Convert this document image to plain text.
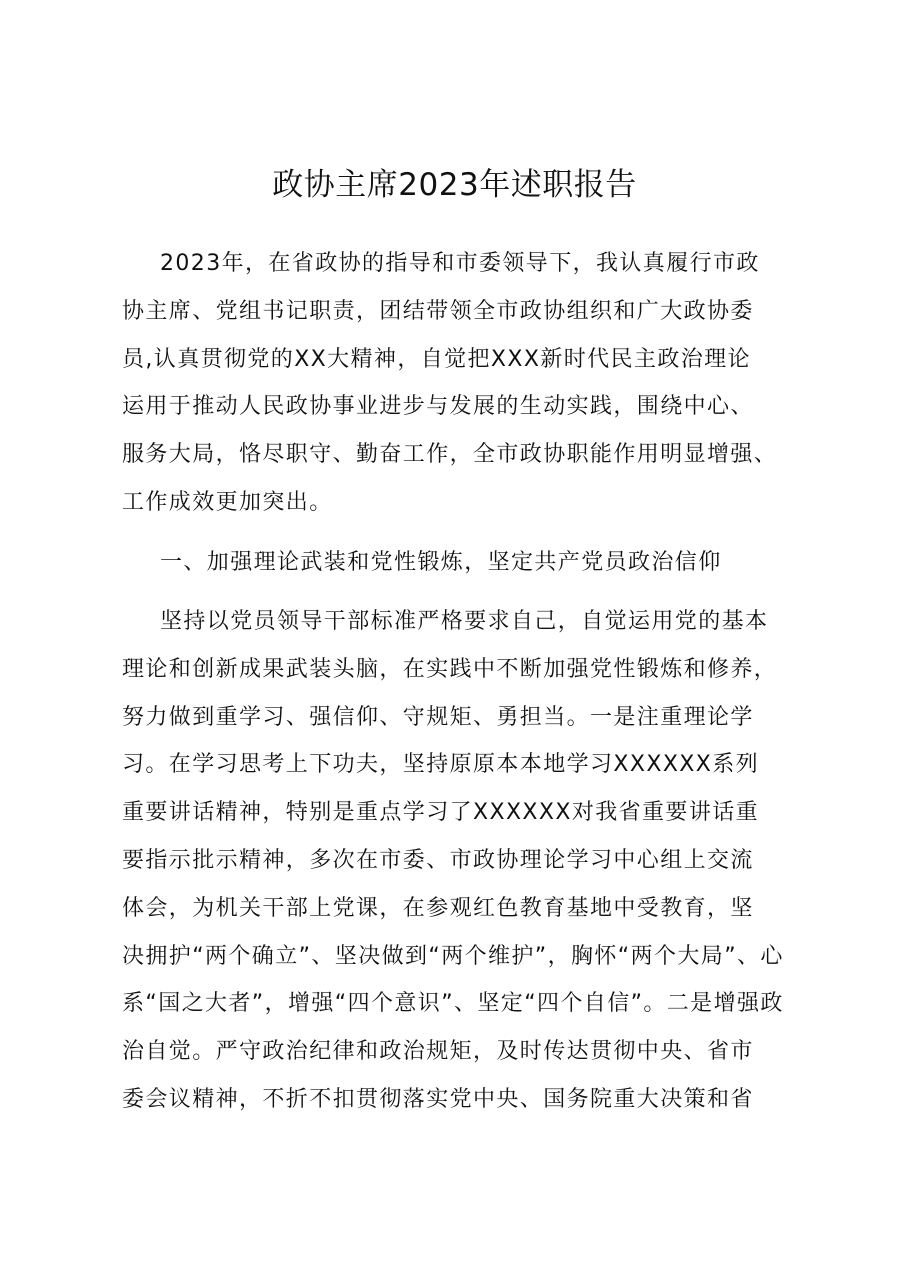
政协主席2023年述职报告
2023年，在省政协的指导和市委领导下，我认真履行市政
协主席、党组书记职责，团结带领全市政协组织和广大政协委
员,认真贯彻党的XX大精神，自觉把XXX新时代民主政治理论
运用于推动人民政协事业进步与发展的生动实践，围绕中心、
服务大局，恪尽职守、勤奋工作，全市政协职能作用明显增强、
工作成效更加突出。
一、加强理论武装和党性锻炼，坚定共产党员政治信仰
坚持以党员领导干部标准严格要求自己，自觉运用党的基本
理论和创新成果武装头脑，在实践中不断加强党性锻炼和修养，
努力做到重学习、强信仰、守规矩、勇担当。一是注重理论学
习。在学习思考上下功夫，坚持原原本本地学习XXXXXX系列
重要讲话精神，特别是重点学习了XXXXXX对我省重要讲话重
要指示批示精神，多次在市委、市政协理论学习中心组上交流
体会，为机关干部上党课，在参观红色教育基地中受教育，坚
决拥护“两个确立”、坚决做到“两个维护”，胸怀“两个大局”、心
系“国之大者”，增强“四个意识”、坚定“四个自信”。二是增强政
治自觉。严守政治纪律和政治规矩，及时传达贯彻中央、省市
委会议精神，不折不扣贯彻落实党中央、国务院重大决策和省
